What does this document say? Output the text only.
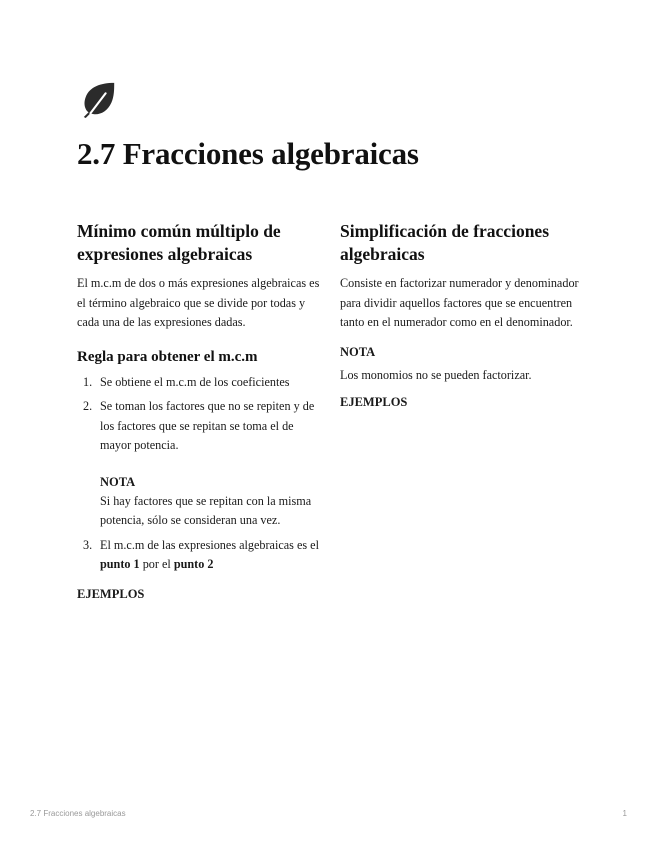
2.7 Fracciones algebraicas
Mínimo común múltiplo de expresiones algebraicas

El m.c.m de dos o más expresiones algebraicas es el término algebraico que se divide por todas y cada una de las expresiones dadas.

Regla para obtener el m.c.m
1. Se obtiene el m.c.m de los coeficientes
2. Se toman los factores que no se repiten y de los factores que se repitan se toma el de mayor potencia.
NOTA
Si hay factores que se repitan con la misma potencia, sólo se consideran una vez.
3. El m.c.m de las expresiones algebraicas es el punto 1 por el punto 2
EJEMPLOS
Simplificación de fracciones algebraicas

Consiste en factorizar numerador y denominador para dividir aquellos factores que se encuentren tanto en el numerador como en el denominador.

NOTA

Los monomios no se pueden factorizar.

EJEMPLOS
2.7 Fracciones algebraicas	1
